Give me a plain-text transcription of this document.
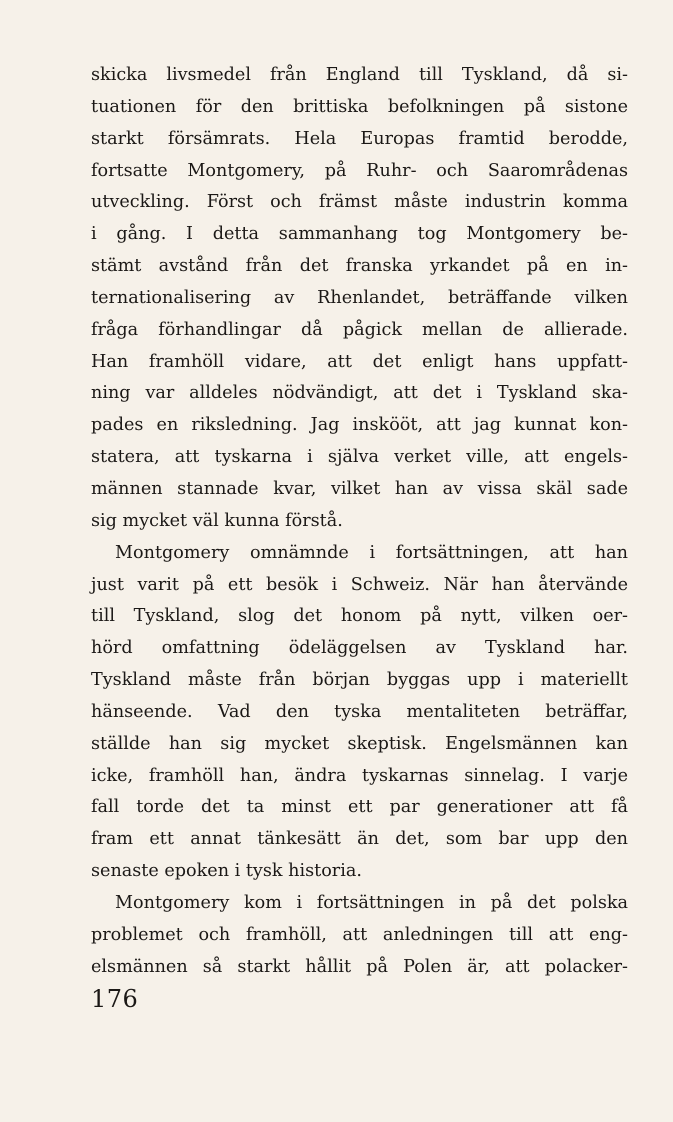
skicka livsmedel från England till Tyskland, då si-
tuationen för den brittiska befolkningen på sistone
starkt försämrats. Hela Europas framtid berodde,
fortsatte Montgomery, på Ruhr- och Saarområdenas
utveckling. Först och främst måste industrin komma
i gång. I detta sammanhang tog Montgomery be-
stämt avstånd från det franska yrkandet på en in-
ternationalisering av Rhenlandet, beträffande vilken
fråga förhandlingar då pågick mellan de allierade.
Han framhöll vidare, att det enligt hans uppfatt-
ning var alldeles nödvändigt, att det i Tyskland ska-
pades en riksledning. Jag inskööt, att jag kunnat kon-
statera, att tyskarna i själva verket ville, att engels-
männen stannade kvar, vilket han av vissa skäl sade
sig mycket väl kunna förstå.
Montgomery omnämnde i fortsättningen, att han
just varit på ett besök i Schweiz. När han återvände
till Tyskland, slog det honom på nytt, vilken oer-
hörd omfattning ödeläggelsen av Tyskland har.
Tyskland måste från början byggas upp i materiellt
hänseende. Vad den tyska mentaliteten beträffar,
ställde han sig mycket skeptisk. Engelsmännen kan
icke, framhöll han, ändra tyskarnas sinnelag. I varje
fall torde det ta minst ett par generationer att få
fram ett annat tänkesätt än det, som bar upp den
senaste epoken i tysk historia.
Montgomery kom i fortsättningen in på det polska
problemet och framhöll, att anledningen till att eng-
elsmännen så starkt hållit på Polen är, att polacker-
176
